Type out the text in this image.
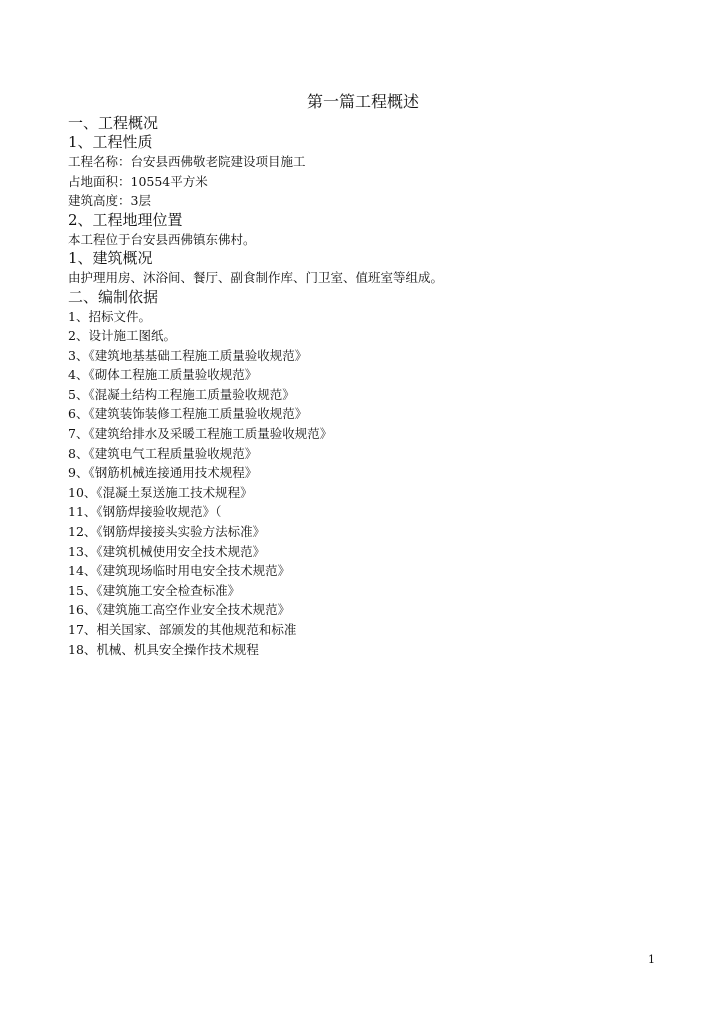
第一篇工程概述
一、工程概况
1、工程性质
工程名称：台安县西佛敬老院建设项目施工
占地面积：10554平方米
建筑高度：3层
2、工程地理位置
本工程位于台安县西佛镇东佛村。
1、建筑概况
由护理用房、沐浴间、餐厅、副食制作库、门卫室、值班室等组成。
二、编制依据
1、招标文件。
2、设计施工图纸。
3、《建筑地基基础工程施工质量验收规范》
4、《砌体工程施工质量验收规范》
5、《混凝土结构工程施工质量验收规范》
6、《建筑装饰装修工程施工质量验收规范》
7、《建筑给排水及采暖工程施工质量验收规范》
8、《建筑电气工程质量验收规范》
9、《钢筋机械连接通用技术规程》
10、《混凝土泵送施工技术规程》
11、《钢筋焊接验收规范》（
12、《钢筋焊接接头实验方法标准》
13、《建筑机械使用安全技术规范》
14、《建筑现场临时用电安全技术规范》
15、《建筑施工安全检查标准》
16、《建筑施工高空作业安全技术规范》
17、相关国家、部颁发的其他规范和标准
18、机械、机具安全操作技术规程
1
